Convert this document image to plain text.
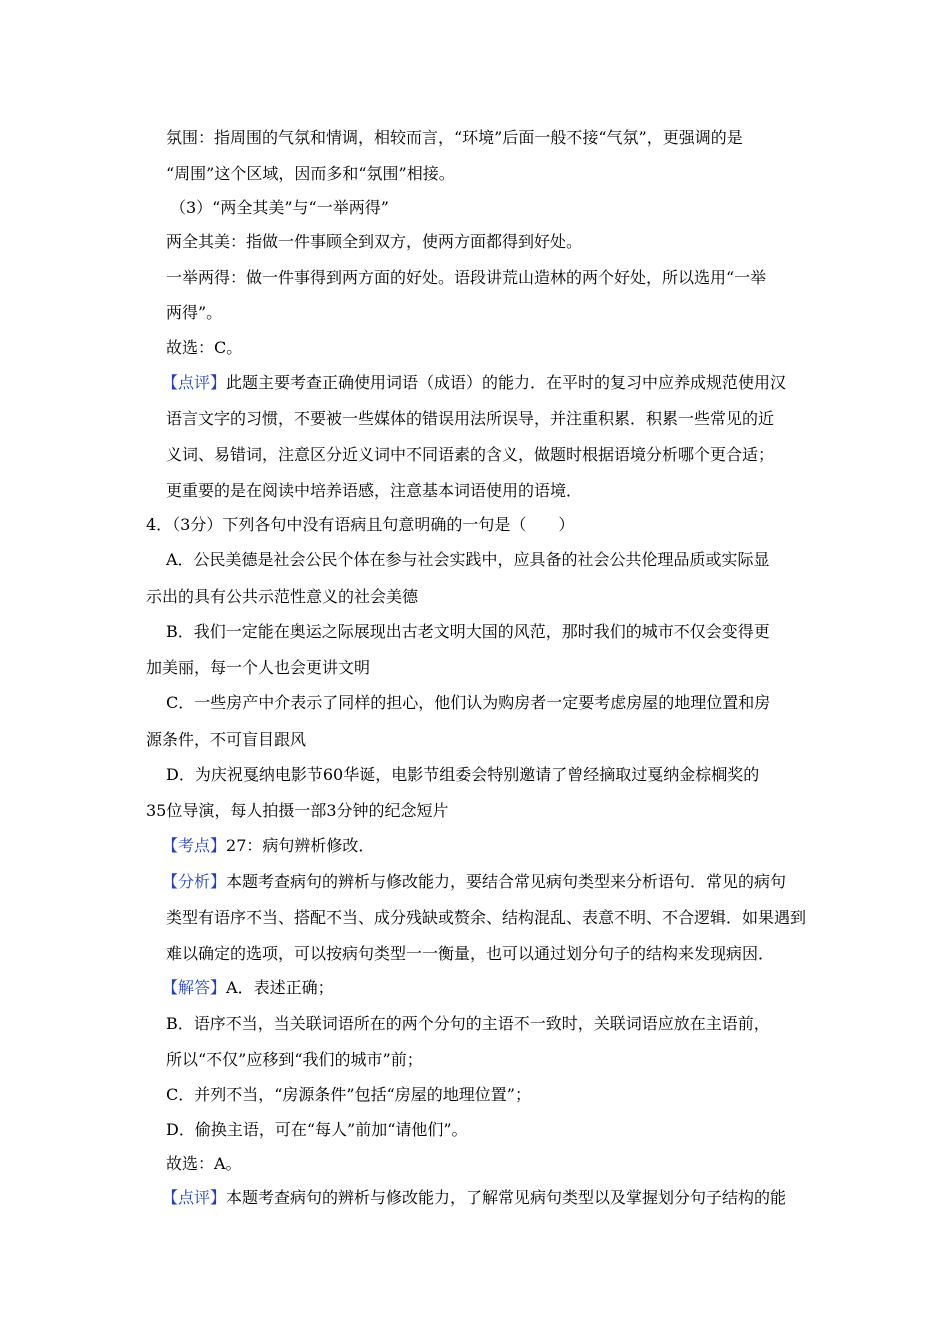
氛围：指周围的气氛和情调，相较而言，“环境”后面一般不接“气氛”，更强调的是
“周围”这个区域，因而多和“氛围”相接。
（3）“两全其美”与“一举两得”
两全其美：指做一件事顾全到双方，使两方面都得到好处。
一举两得：做一件事得到两方面的好处。语段讲荒山造林的两个好处，所以选用“一举
两得”。
故选：C。
【点评】此题主要考查正确使用词语（成语）的能力．在平时的复习中应养成规范使用汉
语言文字的习惯，不要被一些媒体的错误用法所误导，并注重积累．积累一些常见的近
义词、易错词，注意区分近义词中不同语素的含义，做题时根据语境分析哪个更合适；
更重要的是在阅读中培养语感，注意基本词语使用的语境．
4．（3分）下列各句中没有语病且句意明确的一句是（　　）
A．公民美德是社会公民个体在参与社会实践中，应具备的社会公共伦理品质或实际显
示出的具有公共示范性意义的社会美德
B．我们一定能在奥运之际展现出古老文明大国的风范，那时我们的城市不仅会变得更
加美丽，每一个人也会更讲文明
C．一些房产中介表示了同样的担心，他们认为购房者一定要考虑房屋的地理位置和房
源条件，不可盲目跟风
D．为庆祝戛纳电影节60华诞，电影节组委会特别邀请了曾经摘取过戛纳金棕榈奖的
35位导演，每人拍摄一部3分钟的纪念短片
【考点】27：病句辨析修改．
【分析】本题考查病句的辨析与修改能力，要结合常见病句类型来分析语句．常见的病句
类型有语序不当、搭配不当、成分残缺或赘余、结构混乱、表意不明、不合逻辑．如果遇到
难以确定的选项，可以按病句类型一一衡量，也可以通过划分句子的结构来发现病因．
【解答】A．表述正确；
B．语序不当，当关联词语所在的两个分句的主语不一致时，关联词语应放在主语前，
所以“不仅”应移到“我们的城市”前；
C．并列不当，“房源条件”包括“房屋的地理位置”；
D．偷换主语，可在“每人”前加“请他们”。
故选：A。
【点评】本题考查病句的辨析与修改能力，了解常见病句类型以及掌握划分句子结构的能
